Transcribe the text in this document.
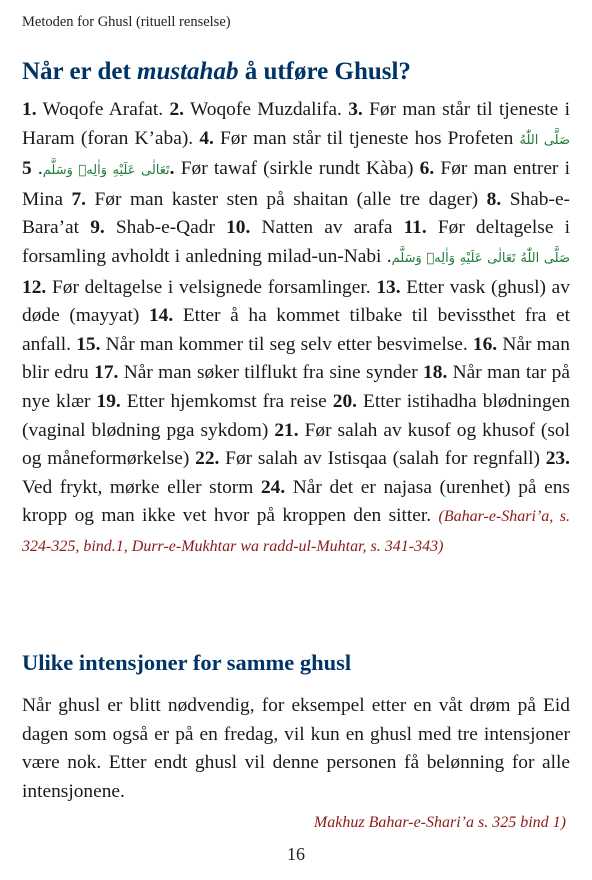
Metoden for Ghusl (rituell renselse)
Når er det mustahab å utføre Ghusl?

1. Woqofe Arafat. 2. Woqofe Muzdalifa. 3. Før man står til tjeneste i Haram (foran K’aba). 4. Før man står til tjeneste hos Profeten صَلَّى اللّٰهُ تَعَالٰى عَلَيْهِ وَاٰلِهٖ وَسَلَّم. 5. Før tawaf (sirkle rundt Kàba) 6. Før man entrer i Mina 7. Før man kaster sten på shaitan (alle tre dager) 8. Shab-e-Bara’at 9. Shab-e-Qadr 10. Natten av arafa 11. Før deltagelse i forsamling avholdt i anledning milad-un-Nabi صَلَّى اللّٰهُ تَعَالٰى عَلَيْهِ وَاٰلِهٖ وَسَلَّم. 12. Før deltagelse i velsignede forsamlinger. 13. Etter vask (ghusl) av døde (mayyat) 14. Etter å ha kommet tilbake til bevissthet fra et anfall. 15. Når man kommer til seg selv etter besvimelse. 16. Når man blir edru 17. Når man søker tilflukt fra sine synder 18. Når man tar på nye klær 19. Etter hjemkomst fra reise 20. Etter istihadha blødningen (vaginal blødning pga sykdom) 21. Før salah av kusof og khusof (sol og måneformørkelse) 22. Før salah av Istisqaa (salah for regnfall) 23. Ved frykt, mørke eller storm 24. Når det er najasa (urenhet) på ens kropp og man ikke vet hvor på kroppen den sitter. (Bahar-e-Shari’a, s. 324-325, bind.1, Durr-e-Mukhtar wa radd-ul-Muhtar, s. 341-343)

Ulike intensjoner for samme ghusl

Når ghusl er blitt nødvendig, for eksempel etter en våt drøm på Eid dagen som også er på en fredag, vil kun en ghusl med tre intensjoner være nok. Etter endt ghusl vil denne personen få belønning for alle intensjonene.

Makhuz Bahar-e-Shari’a s. 325 bind 1)
16
